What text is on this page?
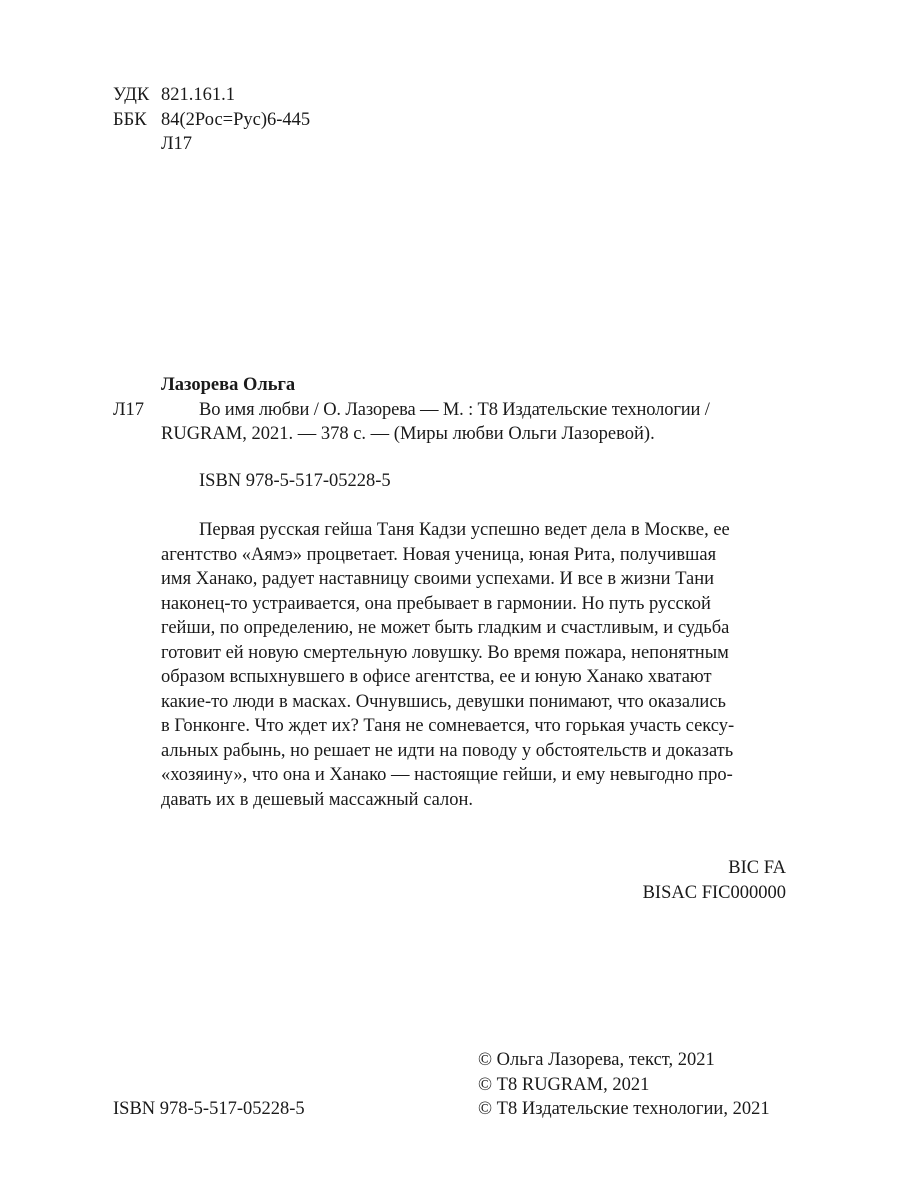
УДК 821.161.1
ББК 84(2Рос=Рус)6-445
Л17
Лазорева Ольга
Л17	Во имя любви / О. Лазорева — М. : Т8 Издательские технологии /
RUGRAM, 2021. — 378 с. — (Миры любви Ольги Лазоревой).
ISBN 978-5-517-05228-5
Первая русская гейша Таня Кадзи успешно ведет дела в Москве, ее
агентство «Аямэ» процветает. Новая ученица, юная Рита, получившая
имя Ханако, радует наставницу своими успехами. И все в жизни Тани
наконец-то устраивается, она пребывает в гармонии. Но путь русской
гейши, по определению, не может быть гладким и счастливым, и судьба
готовит ей новую смертельную ловушку. Во время пожара, непонятным
образом вспыхнувшего в офисе агентства, ее и юную Ханако хватают
какие-то люди в масках. Очнувшись, девушки понимают, что оказались
в Гонконге. Что ждет их? Таня не сомневается, что горькая участь сексу-
альных рабынь, но решает не идти на поводу у обстоятельств и доказать
«хозяину», что она и Ханако — настоящие гейши, и ему невыгодно про-
давать их в дешевый массажный салон.
BIC FA
BISAC FIC000000
ISBN 978-5-517-05228-5
© Ольга Лазорева, текст, 2021
© Т8 RUGRAM, 2021
© Т8 Издательские технологии, 2021
